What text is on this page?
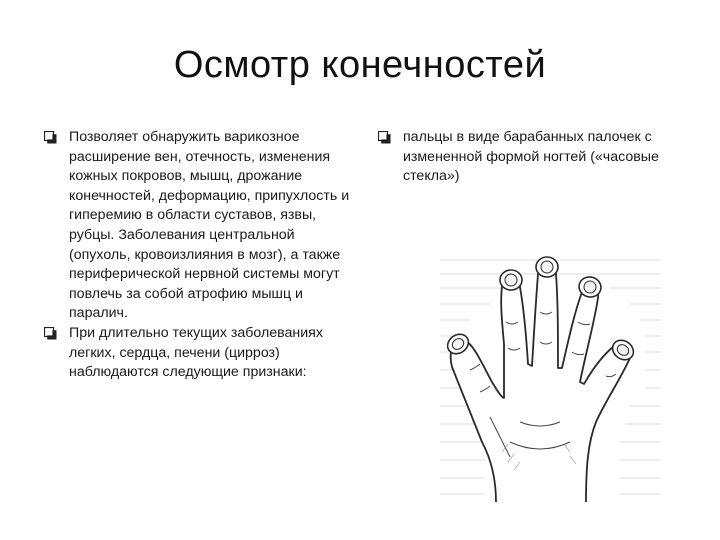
Осмотр конечностей
Позволяет обнаружить варикозное расширение вен, отечность, изменения кожных покровов, мышц, дрожание конечностей, деформацию, припухлость и гиперемию в области суставов, язвы, рубцы. Заболевания центральной (опухоль, кровоизлияния в мозг), а также периферической нервной системы могут повлечь за собой атрофию мышц и паралич.
При длительно текущих заболеваниях легких, сердца, печени (цирроз) наблюдаются следующие признаки:
пальцы в виде барабанных палочек с измененной формой ногтей («часовые стекла»)
